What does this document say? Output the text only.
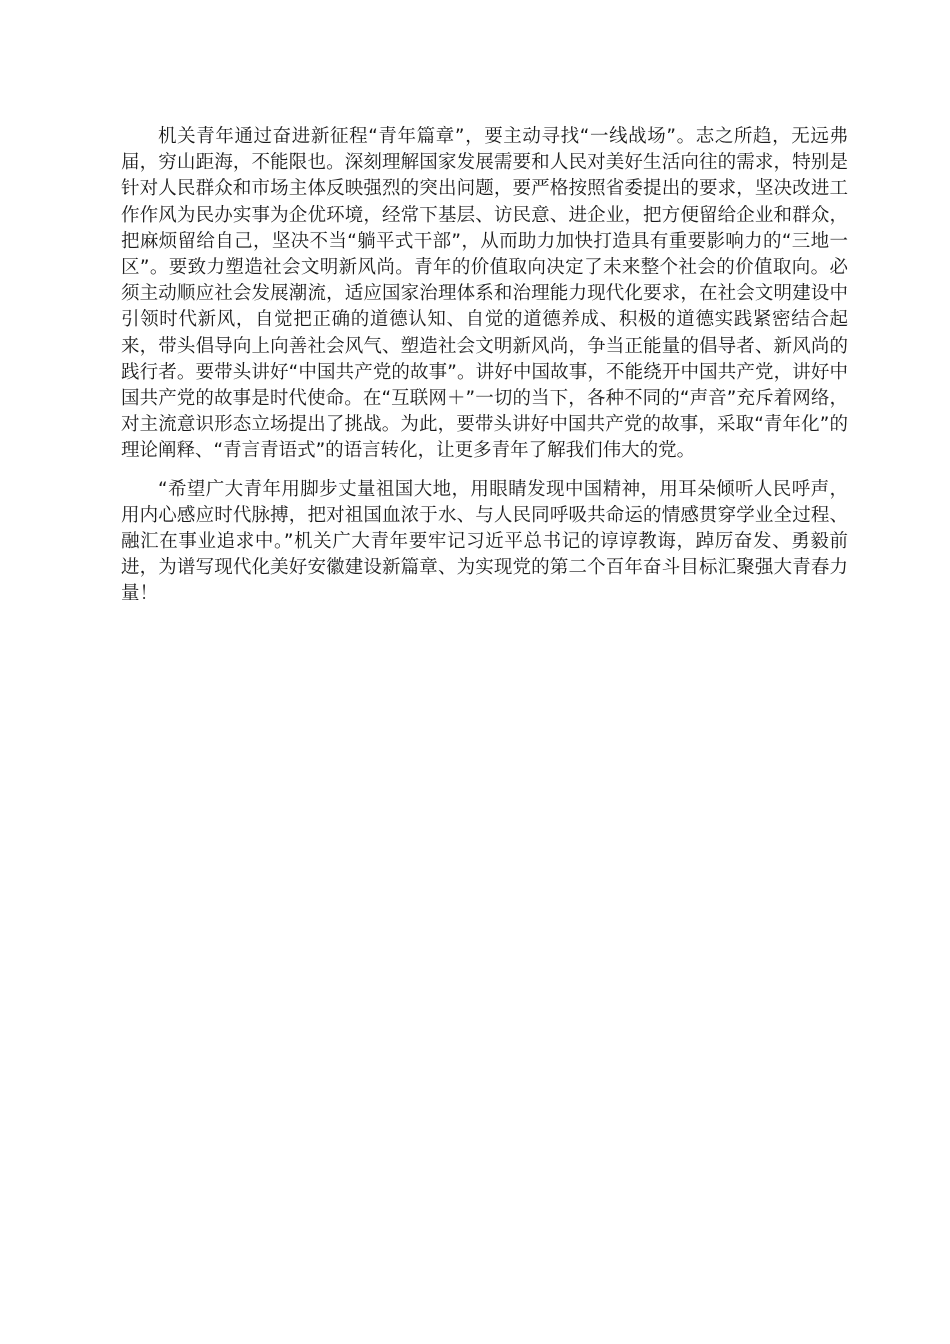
机关青年通过奋进新征程“青年篇章”，要主动寻找“一线战场”。志之所趋，无远弗届，穷山距海，不能限也。深刻理解国家发展需要和人民对美好生活向往的需求，特别是针对人民群众和市场主体反映强烈的突出问题，要严格按照省委提出的要求，坚决改进工作作风为民办实事为企优环境，经常下基层、访民意、进企业，把方便留给企业和群众，把麻烦留给自己，坚决不当“躺平式干部”，从而助力加快打造具有重要影响力的“三地一区”。要致力塑造社会文明新风尚。青年的价值取向决定了未来整个社会的价值取向。必须主动顺应社会发展潮流，适应国家治理体系和治理能力现代化要求，在社会文明建设中引领时代新风，自觉把正确的道德认知、自觉的道德养成、积极的道德实践紧密结合起来，带头倡导向上向善社会风气、塑造社会文明新风尚，争当正能量的倡导者、新风尚的践行者。要带头讲好“中国共产党的故事”。讲好中国故事，不能绕开中国共产党，讲好中国共产党的故事是时代使命。在“互联网＋”一切的当下，各种不同的“声音”充斥着网络，对主流意识形态立场提出了挑战。为此，要带头讲好中国共产党的故事，采取“青年化”的理论阐释、“青言青语式”的语言转化，让更多青年了解我们伟大的党。

“希望广大青年用脚步丈量祖国大地，用眼睛发现中国精神，用耳朵倾听人民呼声，用内心感应时代脉搏，把对祖国血浓于水、与人民同呼吸共命运的情感贯穿学业全过程、融汇在事业追求中。”机关广大青年要牢记习近平总书记的谆谆教诲，踔厉奋发、勇毅前进，为谱写现代化美好安徽建设新篇章、为实现党的第二个百年奋斗目标汇聚强大青春力量！
